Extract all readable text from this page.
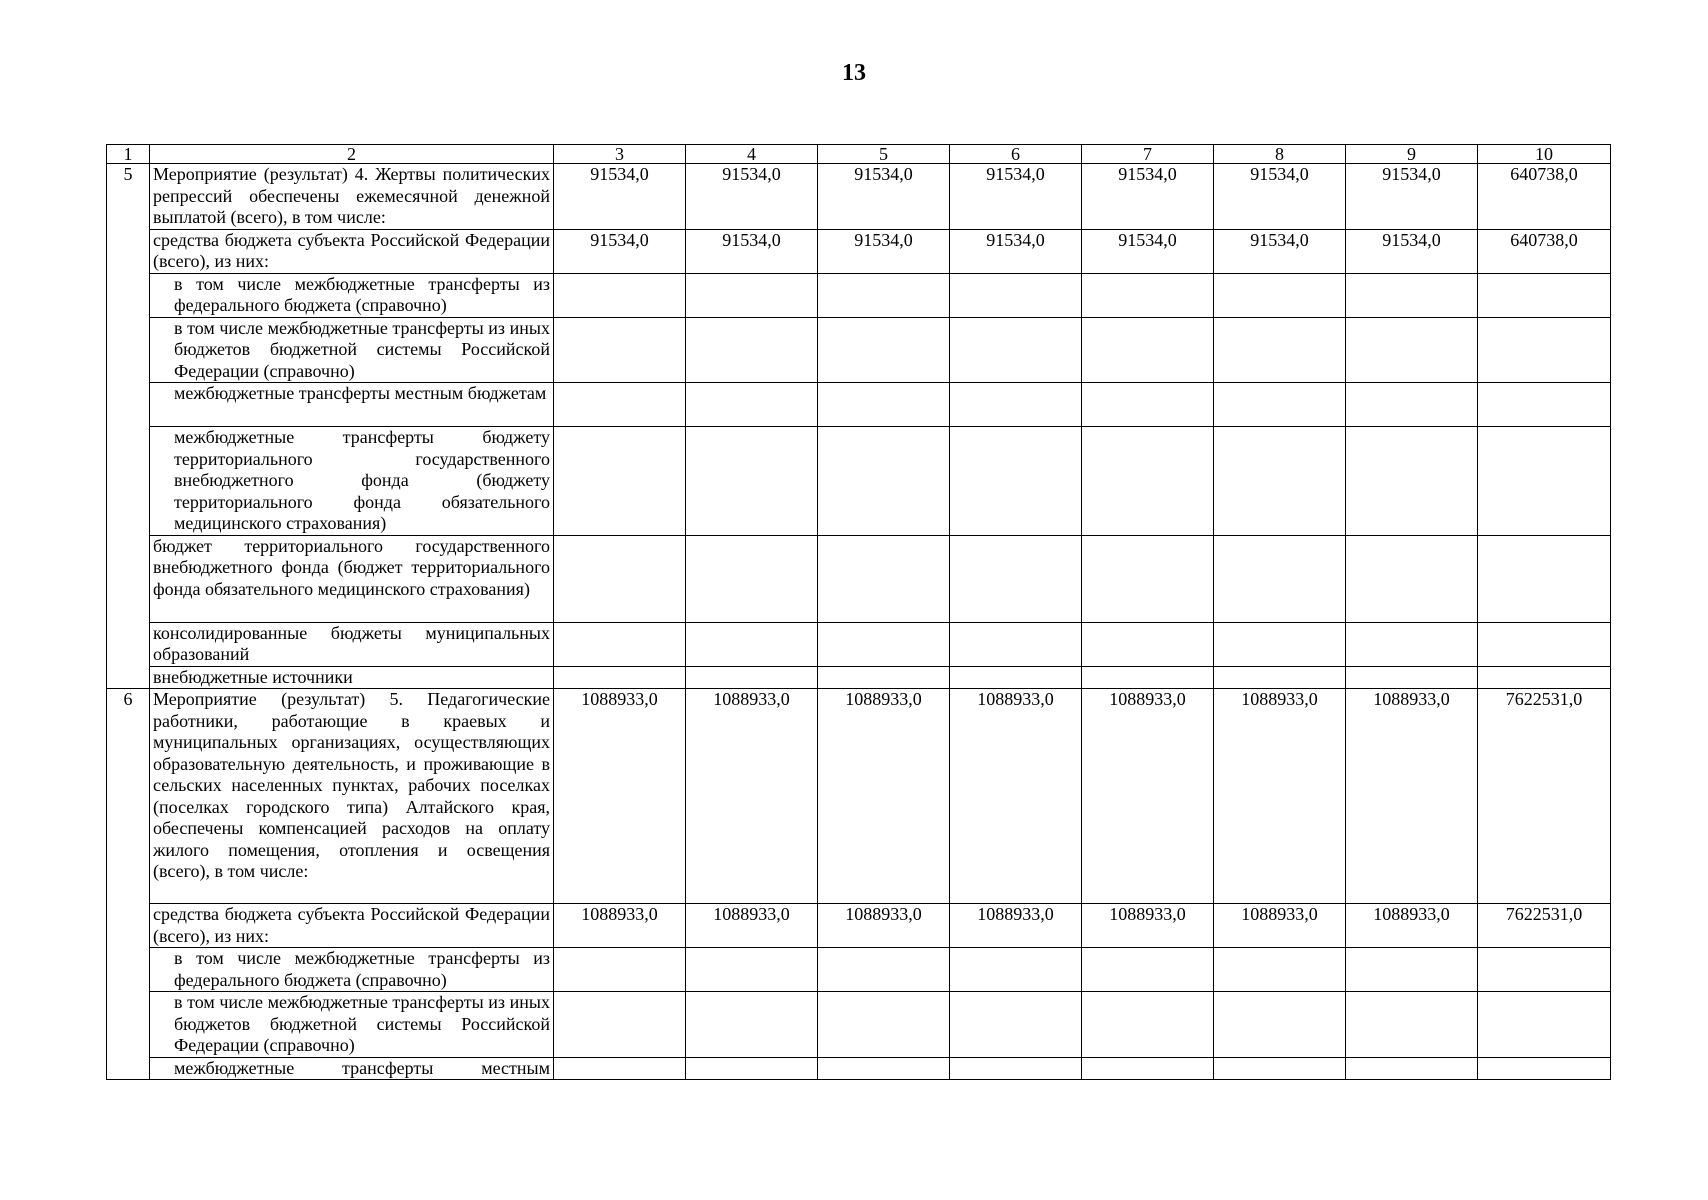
13
1	2	3	4	5	6	7	8	9	10
5	Мероприятие (результат) 4. Жертвы политических репрессий обеспечены ежемесячной денежной выплатой (всего), в том числе:	91534,0	91534,0	91534,0	91534,0	91534,0	91534,0	91534,0	640738,0
	средства бюджета субъекта Российской Федерации (всего), из них:	91534,0	91534,0	91534,0	91534,0	91534,0	91534,0	91534,0	640738,0
	в том числе межбюджетные трансферты из федерального бюджета (справочно)								
	в том числе межбюджетные трансферты из иных бюджетов бюджетной системы Российской Федерации (справочно)								
	межбюджетные трансферты местным бюджетам								
	межбюджетные трансферты бюджету территориального государственного внебюджетного фонда (бюджету территориального фонда обязательного медицинского страхования)								
	бюджет территориального государственного внебюджетного фонда (бюджет территориального фонда обязательного медицинского страхования)								
	консолидированные бюджеты муниципальных образований								
	внебюджетные источники								
6	Мероприятие (результат) 5. Педагогические работники, работающие в краевых и муниципальных организациях, осуществляющих образовательную деятельность, и проживающие в сельских населенных пунктах, рабочих поселках (поселках городского типа) Алтайского края, обеспечены компенсацией расходов на оплату жилого помещения, отопления и освещения (всего), в том числе:	1088933,0	1088933,0	1088933,0	1088933,0	1088933,0	1088933,0	1088933,0	7622531,0
	средства бюджета субъекта Российской Федерации (всего), из них:	1088933,0	1088933,0	1088933,0	1088933,0	1088933,0	1088933,0	1088933,0	7622531,0
	в том числе межбюджетные трансферты из федерального бюджета (справочно)								
	в том числе межбюджетные трансферты из иных бюджетов бюджетной системы Российской Федерации (справочно)								
	межбюджетные трансферты местным								
